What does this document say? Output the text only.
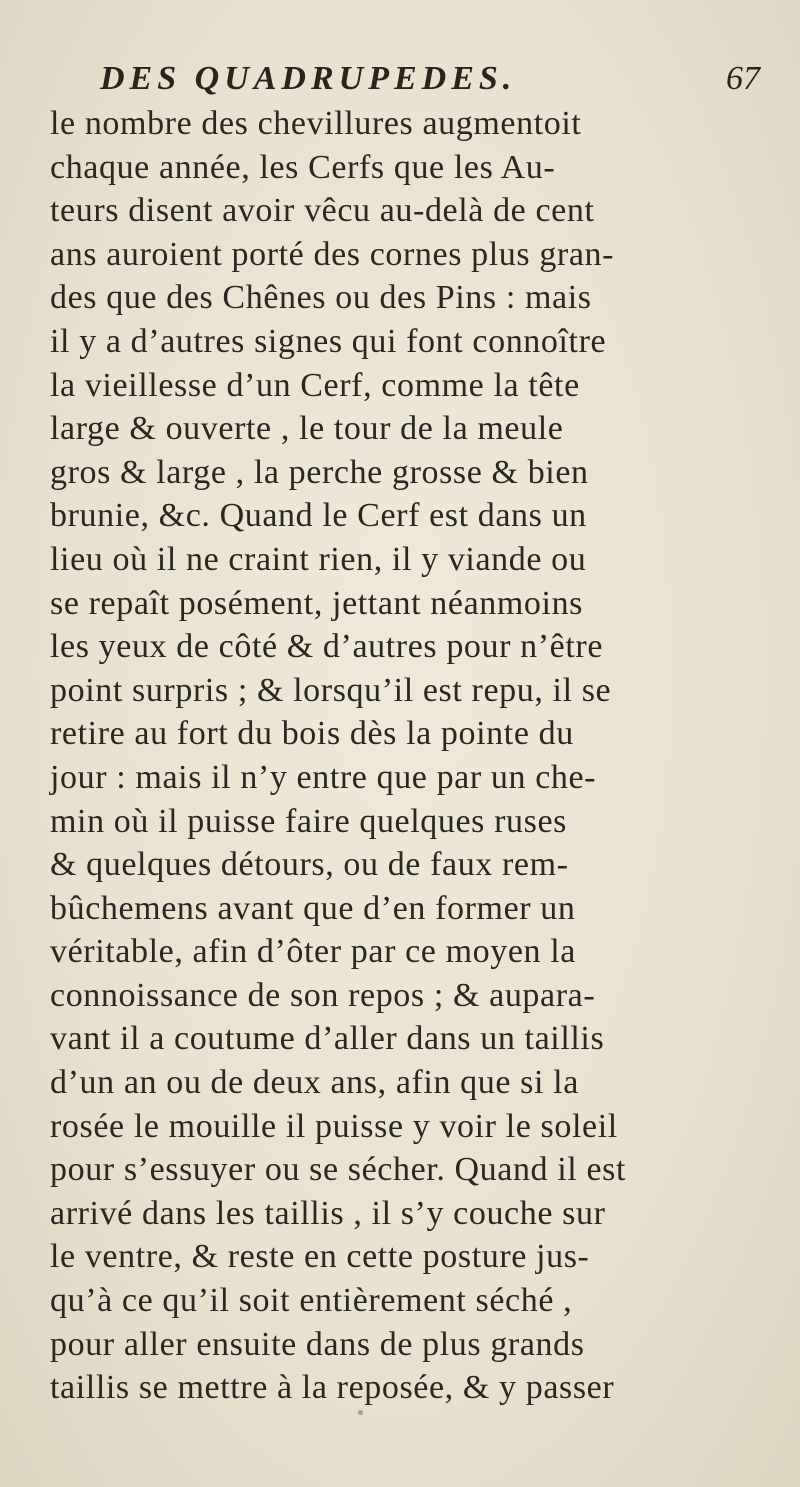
DES QUADRUPEDES.	67
le nombre des chevillures augmentoit
chaque année, les Cerfs que les Au-
teurs disent avoir vêcu au-delà de cent
ans auroient porté des cornes plus gran-
des que des Chênes ou des Pins : mais
il y a d’autres signes qui font connoître
la vieillesse d’un Cerf, comme la tête
large & ouverte , le tour de la meule
gros & large , la perche grosse & bien
brunie, &c. Quand le Cerf est dans un
lieu où il ne craint rien, il y viande ou
se repaît posément, jettant néanmoins
les yeux de côté & d’autres pour n’être
point surpris ; & lorsqu’il est repu, il se
retire au fort du bois dès la pointe du
jour : mais il n’y entre que par un che-
min où il puisse faire quelques ruses
& quelques détours, ou de faux rem-
bûchemens avant que d’en former un
véritable, afin d’ôter par ce moyen la
connoissance de son repos ; & aupara-
vant il a coutume d’aller dans un taillis
d’un an ou de deux ans, afin que si la
rosée le mouille il puisse y voir le soleil
pour s’essuyer ou se sécher. Quand il est
arrivé dans les taillis , il s’y couche sur
le ventre, & reste en cette posture jus-
qu’à ce qu’il soit entièrement séché ,
pour aller ensuite dans de plus grands
taillis se mettre à la reposée, & y passer
